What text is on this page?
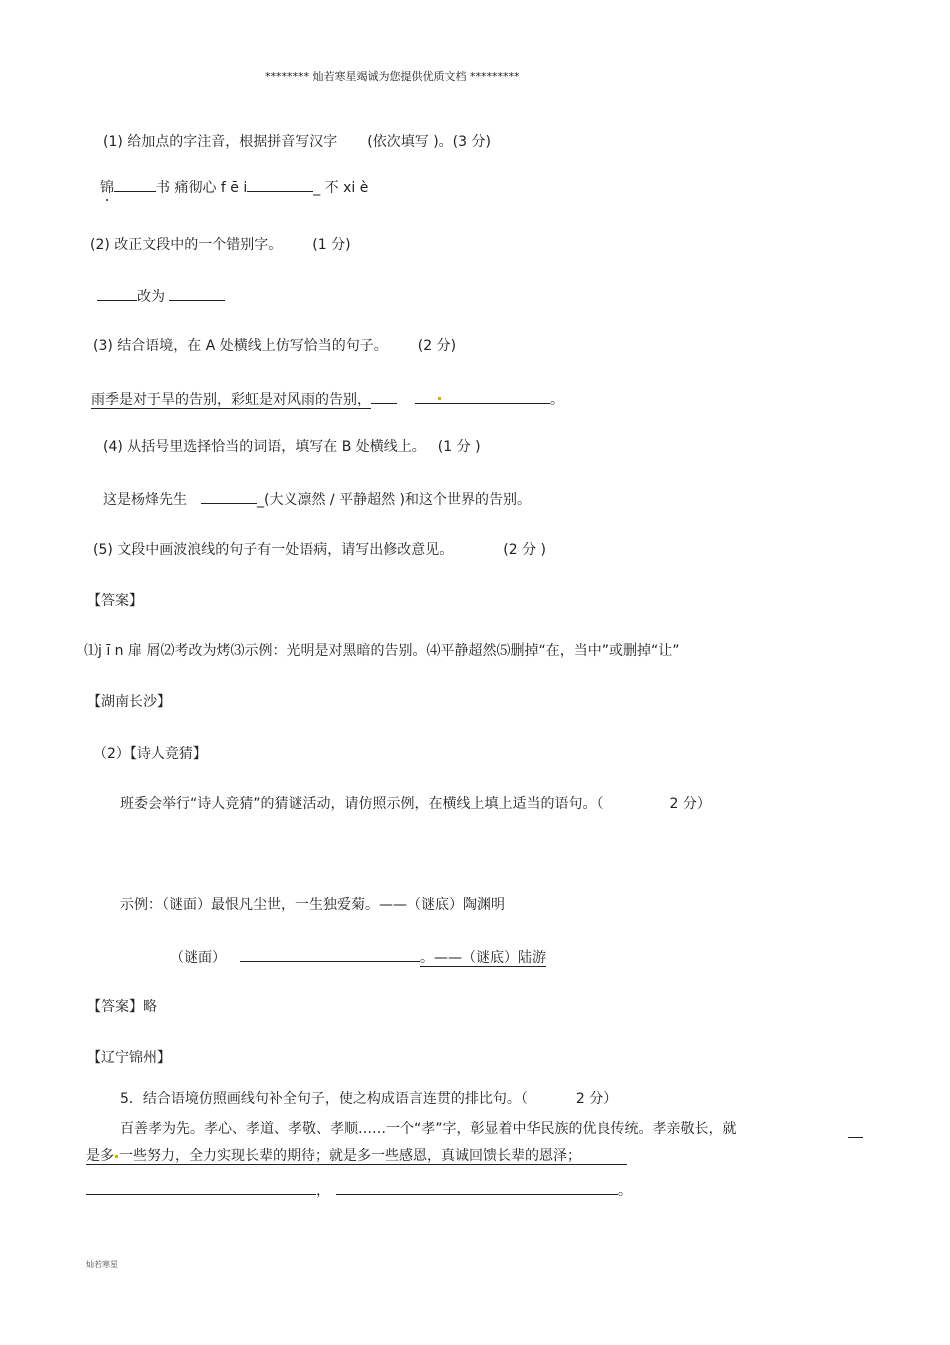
******** 灿若寒星竭诚为您提供优质文档 *********
(1) 给加点的字注音，根据拼音写汉字 (依次填写 )。(3 分)
锦	书 痛彻心 f ē i	_ 不 xi è
(2) 改正文段中的一个错别字。 (1 分)
改为
(3) 结合语境，在 A 处横线上仿写恰当的句子。 (2 分)
雨季是对于旱的告别，彩虹是对风雨的告别，	。
(4) 从括号里选择恰当的词语，填写在 B 处横线上。 (1 分 )
这是杨烽先生	_(大义凛然 / 平静超然 )和这个世界的告别。
(5) 文段中画波浪线的句子有一处语病，请写出修改意见。	(2 分 )
【答案】
⑴j ī n 扉 屑⑵考改为烤⑶示例：光明是对黑暗的告别。⑷平静超然⑸删掉“在，当中”或删掉“让”
【湖南长沙】
（2）【诗人竞猜】
班委会举行“诗人竞猜”的猜谜活动，请仿照示例，在横线上填上适当的语句。（	2 分）
示例：（谜面）最恨凡尘世，一生独爱菊。——（谜底）陶渊明
（谜面）	。——（谜底）陆游
【答案】略
【辽宁锦州】
5．结合语境仿照画线句补全句子，使之构成语言连贯的排比句。（	2 分）
百善孝为先。孝心、孝道、孝敬、孝顺……一个“孝”字，彰显着中华民族的优良传统。孝亲敬长，就
是多 一些努力，全力实现长辈的期待；就是多一些感恩，真诚回馈长辈的恩泽；
，	。
灿若寒星
